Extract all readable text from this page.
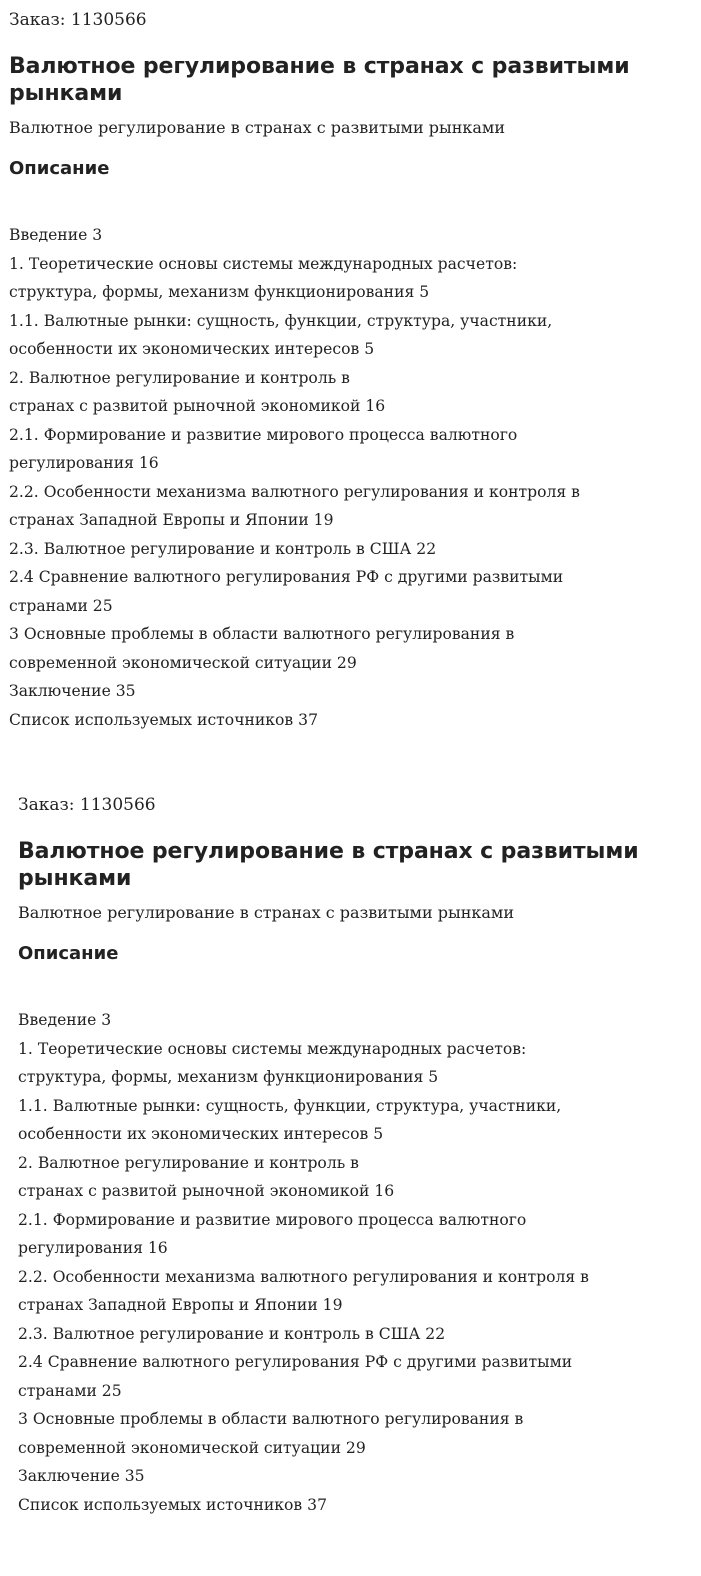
Заказ: 1130566

Валютное регулирование в странах с развитыми
рынками

Валютное регулирование в странах с развитыми рынками

Описание
Введение 3
1. Теоретические основы системы международных расчетов:
структура, формы, механизм функционирования 5
1.1. Валютные рынки: сущность, функции, структура, участники,
особенности их экономических интересов 5
2. Валютное регулирование и контроль в
странах с развитой рыночной экономикой 16
2.1. Формирование и развитие мирового процесса валютного
регулирования 16
2.2. Особенности механизма валютного регулирования и контроля в
странах Западной Европы и Японии 19
2.3. Валютное регулирование и контроль в США 22
2.4 Сравнение валютного регулирования РФ с другими развитыми
странами 25
3 Основные проблемы в области валютного регулирования в
современной экономической ситуации 29
Заключение 35
Список используемых источников 37

Заказ: 1130566

Валютное регулирование в странах с развитыми
рынками

Валютное регулирование в странах с развитыми рынками

Описание
Введение 3
1. Теоретические основы системы международных расчетов:
структура, формы, механизм функционирования 5
1.1. Валютные рынки: сущность, функции, структура, участники,
особенности их экономических интересов 5
2. Валютное регулирование и контроль в
странах с развитой рыночной экономикой 16
2.1. Формирование и развитие мирового процесса валютного
регулирования 16
2.2. Особенности механизма валютного регулирования и контроля в
странах Западной Европы и Японии 19
2.3. Валютное регулирование и контроль в США 22
2.4 Сравнение валютного регулирования РФ с другими развитыми
странами 25
3 Основные проблемы в области валютного регулирования в
современной экономической ситуации 29
Заключение 35
Список используемых источников 37
